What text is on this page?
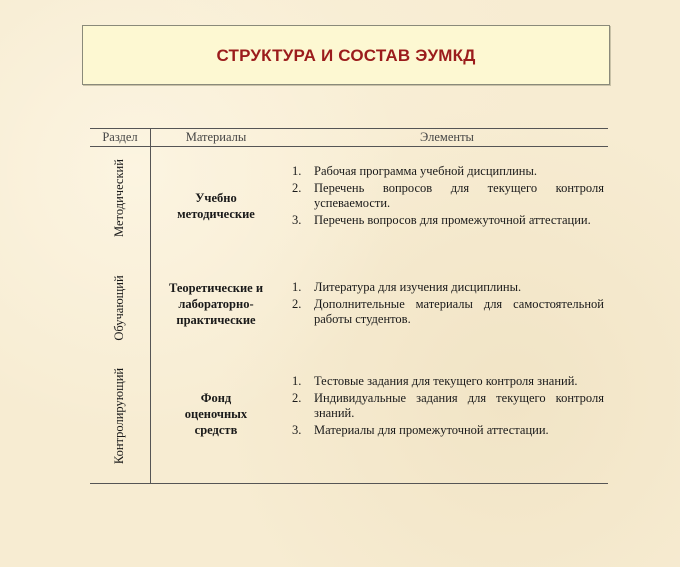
СТРУКТУРА И СОСТАВ ЭУМКД
Раздел	Материалы	Элементы
Методический
Обучающий
Контролирующий
Учебно
методические
Теоретические и
лабораторно-
практические
Фонд
оценочных
средств
1. Рабочая программа учебной дисциплины.
2. Перечень вопросов для текущего контроля успеваемости.
3. Перечень вопросов для промежуточной аттестации.
1. Литература для изучения дисциплины.
2. Дополнительные материалы для самостоятельной работы студентов.
1. Тестовые задания для текущего контроля знаний.
2. Индивидуальные задания для текущего контроля знаний.
3. Материалы для промежуточной аттестации.
